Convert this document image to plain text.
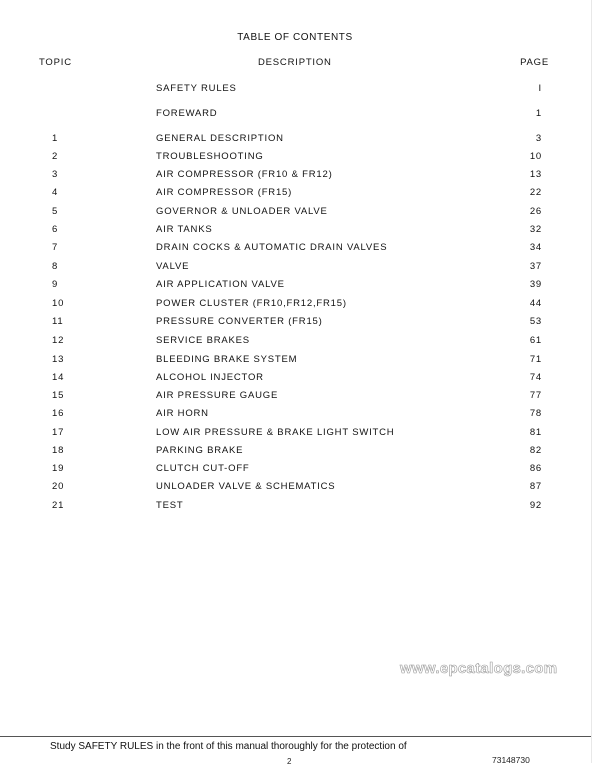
TABLE OF CONTENTS
TOPIC	DESCRIPTION	PAGE
SAFETY RULES	I
FOREWARD	1
1	GENERAL DESCRIPTION	3
2	TROUBLESHOOTING	10
3	AIR COMPRESSOR (FR10 & FR12)	13
4	AIR COMPRESSOR (FR15)	22
5	GOVERNOR & UNLOADER VALVE	26
6	AIR TANKS	32
7	DRAIN COCKS & AUTOMATIC DRAIN VALVES	34
8	VALVE	37
9	AIR APPLICATION VALVE	39
10	POWER CLUSTER (FR10,FR12,FR15)	44
11	PRESSURE CONVERTER (FR15)	53
12	SERVICE BRAKES	61
13	BLEEDING BRAKE SYSTEM	71
14	ALCOHOL INJECTOR	74
15	AIR PRESSURE GAUGE	77
16	AIR HORN	78
17	LOW AIR PRESSURE & BRAKE LIGHT SWITCH	81
18	PARKING BRAKE	82
19	CLUTCH CUT-OFF	86
20	UNLOADER VALVE & SCHEMATICS	87
21	TEST	92
Study SAFETY RULES in the front of this manual thoroughly for the protection of
www.epcatalogs.com
73148730
2
